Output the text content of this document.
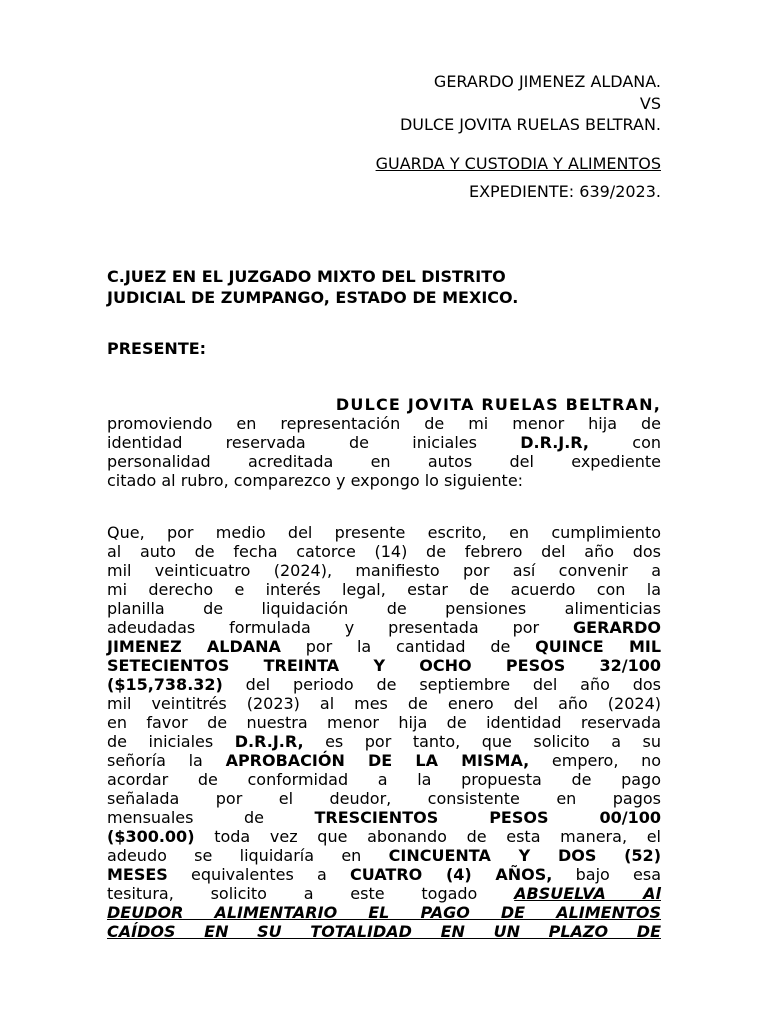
GERARDO JIMENEZ ALDANA.
VS
DULCE JOVITA RUELAS BELTRAN.
GUARDA Y CUSTODIA Y ALIMENTOS
EXPEDIENTE: 639/2023.
C.JUEZ EN EL JUZGADO MIXTO DEL DISTRITO
JUDICIAL DE ZUMPANGO, ESTADO DE MEXICO.
PRESENTE:
DULCE JOVITA RUELAS BELTRAN,
promoviendo en representación de mi menor hija de
identidad reservada de iniciales	D.R.J.R,	con
personalidad acreditada en autos del expediente
citado al rubro, comparezco y expongo lo siguiente:
Que, por medio del presente escrito, en cumplimiento
al auto de fecha catorce (14) de febrero del año dos
mil veinticuatro (2024), manifiesto por así convenir a
mi derecho e interés legal, estar de acuerdo con la
planilla de liquidación de pensiones alimenticias
adeudadas formulada y presentada por GERARDO
JIMENEZ ALDANA por la cantidad de QUINCE MIL
SETECIENTOS TREINTA Y OCHO PESOS 32/100
($15,738.32) del periodo de septiembre del año dos
mil veintitrés (2023) al mes de enero del año (2024)
en favor de nuestra menor hija de identidad reservada
de iniciales D.R.J.R, es por tanto, que solicito a su
señoría la APROBACIÓN DE LA MISMA, empero, no
acordar de conformidad a la propuesta de pago
señalada por el deudor, consistente en pagos
mensuales de	TRESCIENTOS PESOS 00/100
($300.00) toda vez que abonando de esta manera, el
adeudo se liquidaría en CINCUENTA Y DOS (52)
MESES equivalentes a CUATRO (4) AÑOS, bajo esa
tesitura, solicito a este togado ABSUELVA Al
DEUDOR ALIMENTARIO EL PAGO DE ALIMENTOS
CAÍDOS EN SU TOTALIDAD EN UN PLAZO DE
